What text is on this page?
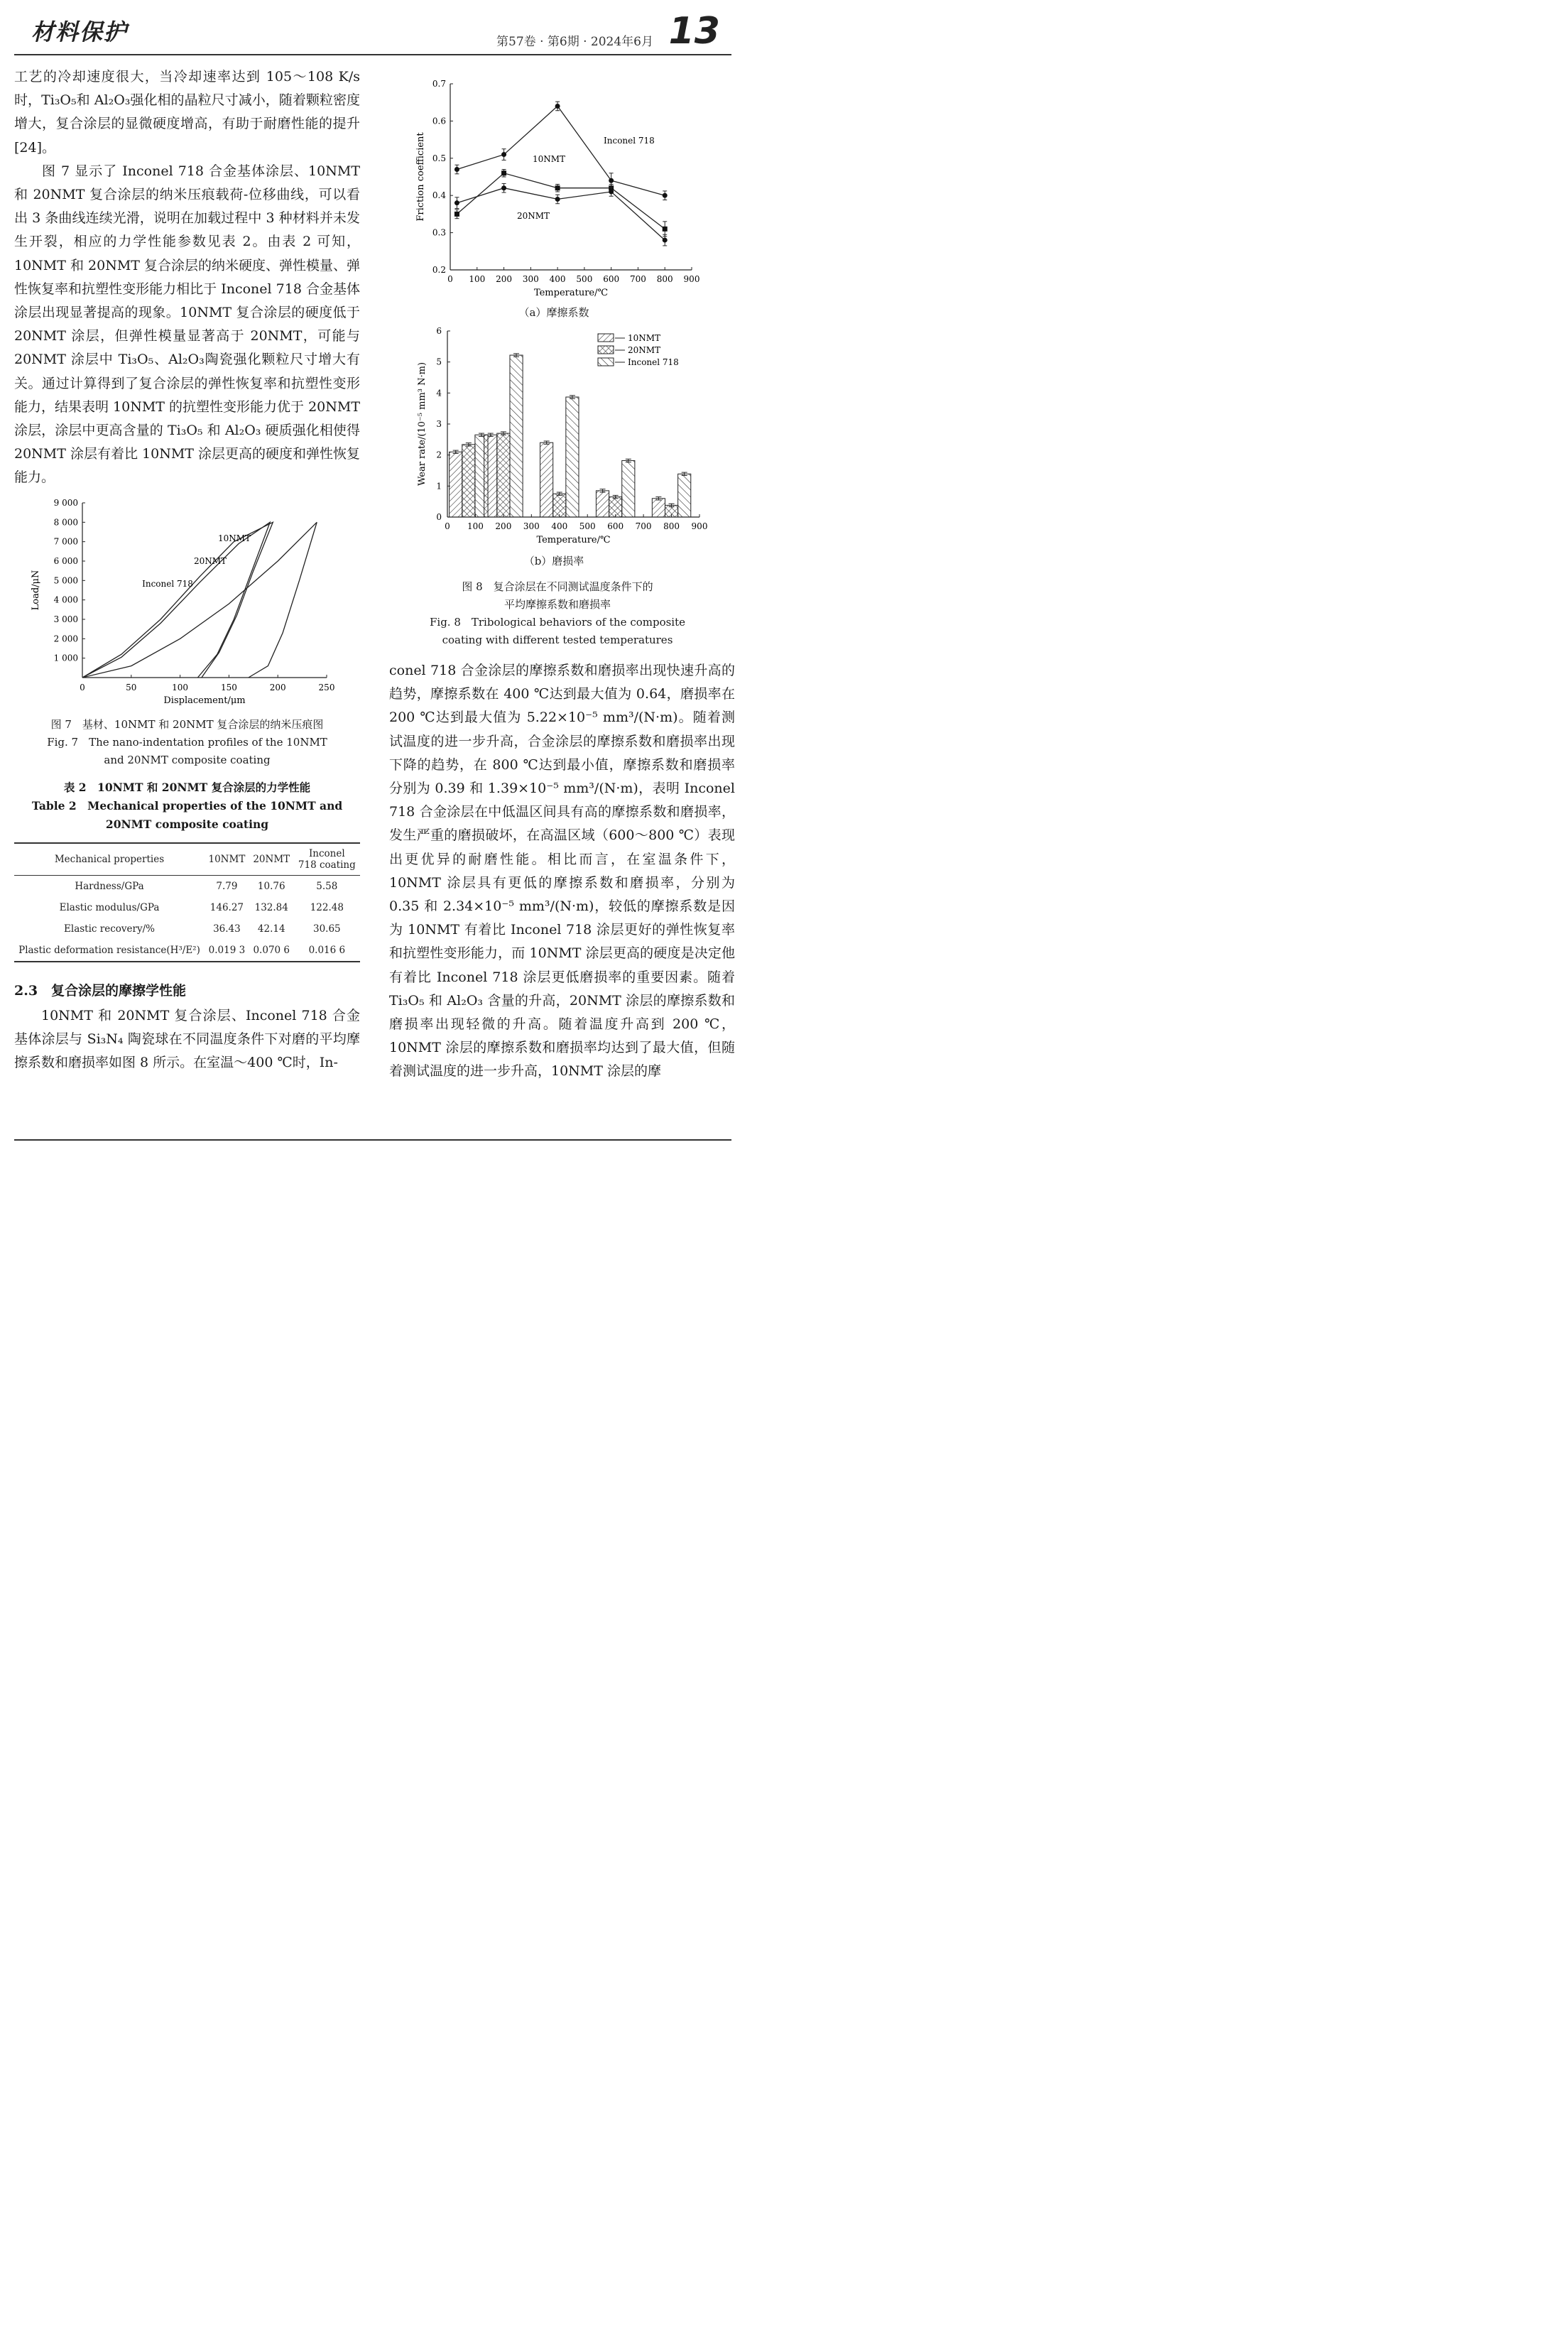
材料保护	第57卷 · 第6期 · 2024年6月 13

工艺的冷却速度很大，当冷却速率达到 105～108 K/s 时，Ti₃O₅和 Al₂O₃强化相的晶粒尺寸减小，随着颗粒密度增大，复合涂层的显微硬度增高，有助于耐磨性能的提升[24]。

图 7 显示了 Inconel 718 合金基体涂层、10NMT 和 20NMT 复合涂层的纳米压痕载荷-位移曲线，可以看出 3 条曲线连续光滑，说明在加载过程中 3 种材料并未发生开裂，相应的力学性能参数见表 2。由表 2 可知，10NMT 和 20NMT 复合涂层的纳米硬度、弹性模量、弹性恢复率和抗塑性变形能力相比于 Inconel 718 合金基体涂层出现显著提高的现象。10NMT 复合涂层的硬度低于 20NMT 涂层，但弹性模量显著高于 20NMT，可能与 20NMT 涂层中 Ti₃O₅、Al₂O₃陶瓷强化颗粒尺寸增大有关。通过计算得到了复合涂层的弹性恢复率和抗塑性变形能力，结果表明 10NMT 的抗塑性变形能力优于 20NMT 涂层，涂层中更高含量的 Ti₃O₅ 和 Al₂O₃ 硬质强化相使得 20NMT 涂层有着比 10NMT 涂层更高的硬度和弹性恢复能力。

0	50	100	150	200	250
1 000
2 000
3 000
4 000
5 000
6 000
7 000
8 000
9 000
Displacement/μm
Load/μN
10NMT
20NMT
Inconel 718

图 7　基材、10NMT 和 20NMT 复合涂层的纳米压痕图

Fig. 7　The nano-indentation profiles of the 10NMT

and 20NMT composite coating

表 2　10NMT 和 20NMT 复合涂层的力学性能

Table 2　Mechanical properties of the 10NMT and

20NMT composite coating

Mechanical properties	10NMT	20NMT	Inconel
718 coating
Hardness/GPa	7.79	10.76	5.58
Elastic modulus/GPa	146.27	132.84	122.48
Elastic recovery/%	36.43	42.14	30.65
Plastic deformation resistance(H³/E²)	0.019 3	0.070 6	0.016 6
2.3　复合涂层的摩擦学性能

10NMT 和 20NMT 复合涂层、Inconel 718 合金基体涂层与 Si₃N₄ 陶瓷球在不同温度条件下对磨的平均摩擦系数和磨损率如图 8 所示。在室温～400 ℃时，In-

0 100 200 300 400 500 600 700 800 900
0.2
0.3
0.4
0.5
0.6
0.7
Temperature/℃
Friction coefficient	Inconel 718
10NMT
20NMT

（a）摩擦系数

0 100 200 300 400 500 600 700 800 900
0
1
2
3
4
5
6
Temperature/℃
Wear rate/(10⁻⁵ mm³ N·m)
10NMT
20NMT
Inconel 718

（b）磨损率

图 8　复合涂层在不同测试温度条件下的

平均摩擦系数和磨损率

Fig. 8　Tribological behaviors of the composite

coating with different tested temperatures

conel 718 合金涂层的摩擦系数和磨损率出现快速升高的趋势，摩擦系数在 400 ℃达到最大值为 0.64，磨损率在 200 ℃达到最大值为 5.22×10⁻⁵ mm³/(N·m)。随着测试温度的进一步升高，合金涂层的摩擦系数和磨损率出现下降的趋势，在 800 ℃达到最小值，摩擦系数和磨损率分别为 0.39 和 1.39×10⁻⁵ mm³/(N·m)，表明 Inconel 718 合金涂层在中低温区间具有高的摩擦系数和磨损率，发生严重的磨损破坏，在高温区域（600～800 ℃）表现出更优异的耐磨性能。相比而言，在室温条件下，10NMT 涂层具有更低的摩擦系数和磨损率，分别为 0.35 和 2.34×10⁻⁵ mm³/(N·m)，较低的摩擦系数是因为 10NMT 有着比 Inconel 718 涂层更好的弹性恢复率和抗塑性变形能力，而 10NMT 涂层更高的硬度是决定他有着比 Inconel 718 涂层更低磨损率的重要因素。随着 Ti₃O₅ 和 Al₂O₃ 含量的升高，20NMT 涂层的摩擦系数和磨损率出现轻微的升高。随着温度升高到 200 ℃，10NMT 涂层的摩擦系数和磨损率均达到了最大值，但随着测试温度的进一步升高，10NMT 涂层的摩
